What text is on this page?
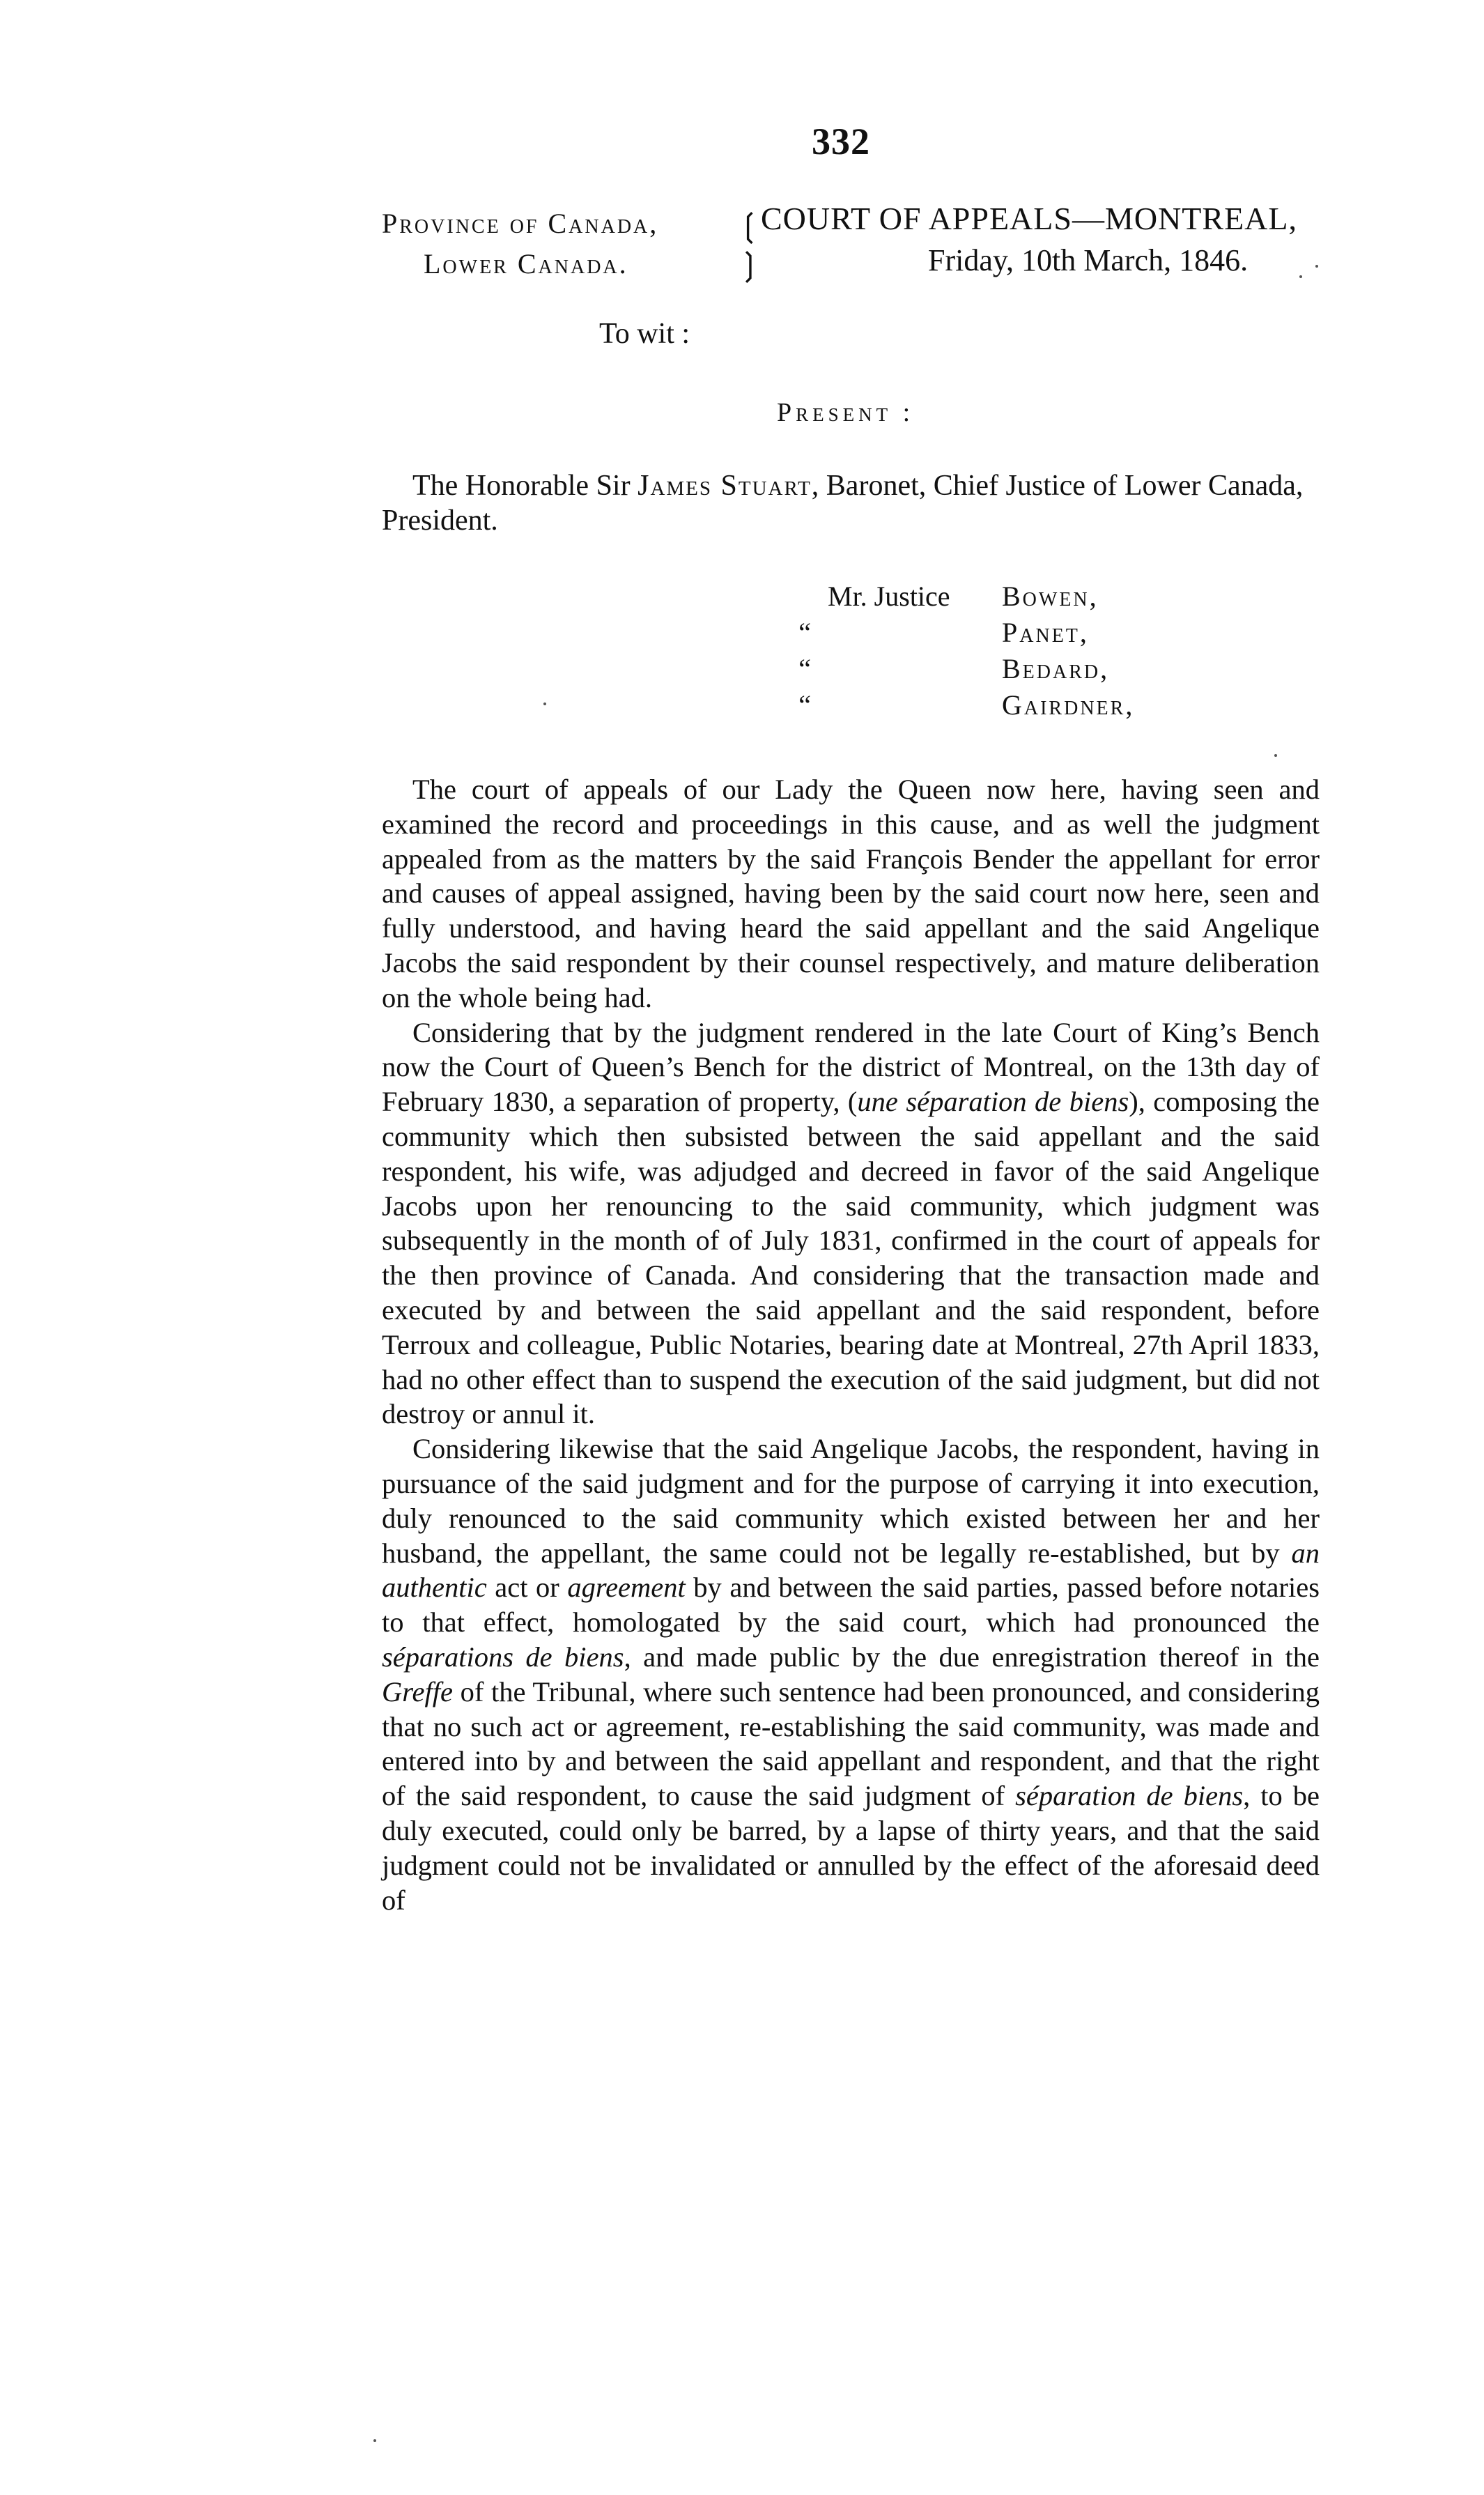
332
Province of Canada,
Lower Canada.
❲
❳
COURT OF APPEALS—MONTREAL,
Friday, 10th March, 1846.
To wit :
Present :
The Honorable Sir James Stuart, Baronet, Chief Justice of Lower Canada, President.
Mr. Justice	Bowen,
“	Panet,
“	Bedard,
“	Gairdner,

The court of appeals of our Lady the Queen now here, having seen and examined the record and proceedings in this cause, and as well the judgment appealed from as the matters by the said François Bender the appellant for error and causes of appeal assigned, having been by the said court now here, seen and fully understood, and having heard the said appellant and the said Angelique Jacobs the said respondent by their counsel respectively, and mature deliberation on the whole being had.

Considering that by the judgment rendered in the late Court of King’s Bench now the Court of Queen’s Bench for the district of Montreal, on the 13th day of February 1830, a separation of property, (une séparation de biens), composing the community which then subsisted between the said appellant and the said respondent, his wife, was adjudged and decreed in favor of the said Angelique Jacobs upon her renouncing to the said community, which judgment was subsequently in the month of of July 1831, confirmed in the court of appeals for the then province of Canada. And considering that the transaction made and executed by and between the said appellant and the said respondent, before Terroux and colleague, Public Notaries, bearing date at Montreal, 27th April 1833, had no other effect than to suspend the execution of the said judgment, but did not destroy or annul it.

Considering likewise that the said Angelique Jacobs, the respondent, having in pursuance of the said judgment and for the purpose of carrying it into execution, duly renounced to the said community which existed between her and her husband, the appellant, the same could not be legally re-established, but by an authentic act or agreement by and between the said parties, passed before notaries to that effect, homologated by the said court, which had pronounced the séparations de biens, and made public by the due enregistration thereof in the Greffe of the Tribunal, where such sentence had been pronounced, and considering that no such act or agreement, re-establishing the said community, was made and entered into by and between the said appellant and respondent, and that the right of the said respondent, to cause the said judgment of séparation de biens, to be duly executed, could only be barred, by a lapse of thirty years, and that the said judgment could not be invalidated or annulled by the effect of the aforesaid deed of
